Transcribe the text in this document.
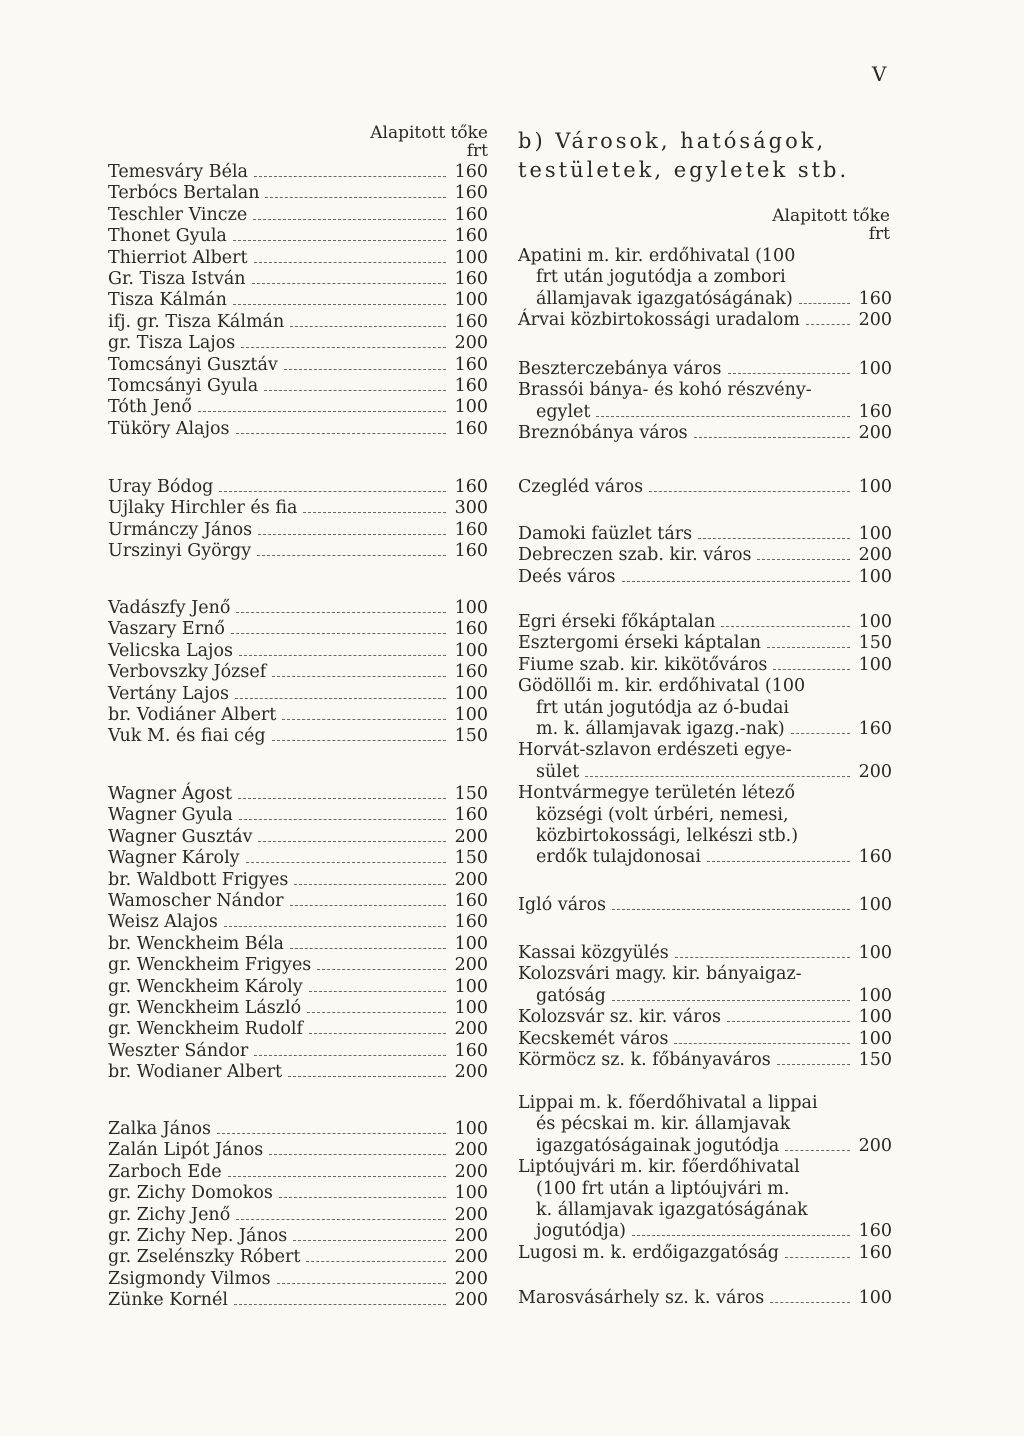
V
Alapitott tőke
frt
Temesváry Béla	160
Terbócs Bertalan	160
Teschler Vincze	160
Thonet Gyula	160
Thierriot Albert	100
Gr. Tisza István	160
Tisza Kálmán	100
ifj. gr. Tisza Kálmán	160
gr. Tisza Lajos	200
Tomcsányi Gusztáv	160
Tomcsányi Gyula	160
Tóth Jenő	100
Tüköry Alajos	160
Uray Bódog	160
Ujlaky Hirchler és fia	300
Urmánczy János	160
Urszinyi György	160
Vadászfy Jenő	100
Vaszary Ernő	160
Velicska Lajos	100
Verbovszky József	160
Vertány Lajos	100
br. Vodiáner Albert	100
Vuk M. és fiai cég	150
Wagner Ágost	150
Wagner Gyula	160
Wagner Gusztáv	200
Wagner Károly	150
br. Waldbott Frigyes	200
Wamoscher Nándor	160
Weisz Alajos	160
br. Wenckheim Béla	100
gr. Wenckheim Frigyes	200
gr. Wenckheim Károly	100
gr. Wenckheim László	100
gr. Wenckheim Rudolf	200
Weszter Sándor	160
br. Wodianer Albert	200
Zalka János	100
Zalán Lipót János	200
Zarboch Ede	200
gr. Zichy Domokos	100
gr. Zichy Jenő	200
gr. Zichy Nep. János	200
gr. Zselénszky Róbert	200
Zsigmondy Vilmos	200
Zünke Kornél	200
b) Városok, hatóságok,
testületek, egyletek stb.
Alapitott tőke
frt
Apatini m. kir. erdőhivatal (100
frt után jogutódja a zombori
államjavak igazgatóságának)	160
Árvai közbirtokossági uradalom	200
Beszterczebánya város	100
Brassói bánya- és kohó részvény-
egylet	160
Breznóbánya város	200
Czegléd város	100
Damoki faüzlet társ	100
Debreczen szab. kir. város	200
Deés város	100
Egri érseki főkáptalan	100
Esztergomi érseki káptalan	150
Fiume szab. kir. kikötőváros	100
Gödöllői m. kir. erdőhivatal (100
frt után jogutódja az ó-budai
m. k. államjavak igazg.-nak)	160
Horvát-szlavon erdészeti egye-
sület	200
Hontvármegye területén létező
községi (volt úrbéri, nemesi,
közbirtokossági, lelkészi stb.)
erdők tulajdonosai	160
Igló város	100
Kassai közgyülés	100
Kolozsvári magy. kir. bányaigaz-
gatóság	100
Kolozsvár sz. kir. város	100
Kecskemét város	100
Körmöcz sz. k. főbányaváros	150
Lippai m. k. főerdőhivatal a lippai
és pécskai m. kir. államjavak
igazgatóságainak jogutódja	200
Liptóujvári m. kir. főerdőhivatal
(100 frt után a liptóujvári m.
k. államjavak igazgatóságának
jogutódja)	160
Lugosi m. k. erdőigazgatóság	160
Marosvásárhely sz. k. város	100
